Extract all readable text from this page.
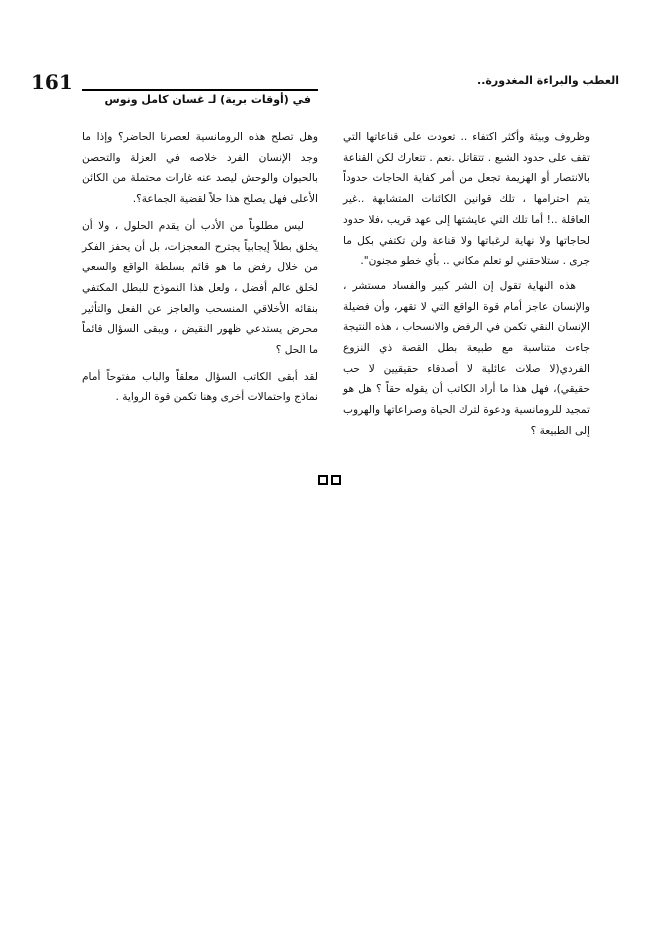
161	العطب والبراءة المغدورة..
في (أوقات برية) لـ غسان كامل ونوس

وظروف وبيئة وأكثر اكتفاء .. تعودت على قناعاتها التي تقف على حدود الشبع . تتقاتل .نعم . تتعارك لكن القناعة بالانتصار أو الهزيمة تجعل من أمر كفاية الحاجات حدوداً يتم احترامها ، تلك قوانين الكائنات المتشابهة ..غير العاقلة ..! أما تلك التي عايشتها إلى عهد قريب ،فلا حدود لحاجاتها ولا نهاية لرغباتها ولا قناعة ولن تكتفي بكل ما جرى . ستلاحقني لو تعلم مكاني .. بأي خطو مجنون".

هذه النهاية تقول إن الشر كبير والفساد مستشر ، والإنسان عاجز أمام قوة الواقع التي لا تقهر، وأن فضيلة الإنسان النقي تكمن في الرفض والانسحاب ، هذه النتيجة جاءت متناسبة مع طبيعة بطل القصة ذي النزوع الفردي(لا صلات عائلية لا أصدقاء حقيقيين لا حب حقيقي)، فهل هذا ما أراد الكاتب أن يقوله حقاً ؟ هل هو تمجيد للرومانسية ودعوة لترك الحياة وصراعاتها والهروب إلى الطبيعة ؟

وهل تصلح هذه الرومانسية لعصرنا الحاضر؟ وإذا ما وجد الإنسان الفرد خلاصه في العزلة والتحصن بالحيوان والوحش ليصد عنه غارات محتملة من الكائن الأعلى فهل يصلح هذا حلاً لقضية الجماعة؟.

ليس مطلوباً من الأدب أن يقدم الحلول ، ولا أن يخلق بطلاً إيجابياً يجترح المعجزات، بل أن يحفز الفكر من خلال رفض ما هو قائم بسلطة الواقع والسعي لخلق عالم أفضل ، ولعل هذا النموذج للبطل المكتفي بنقائه الأخلاقي المنسحب والعاجز عن الفعل والتأثير محرض يستدعي ظهور النقيض ، ويبقى السؤال قائماً ما الحل ؟

لقد أبقى الكاتب السؤال معلقاً والباب مفتوحاً أمام نماذج واحتمالات أخرى وهنا تكمن قوة الرواية .
